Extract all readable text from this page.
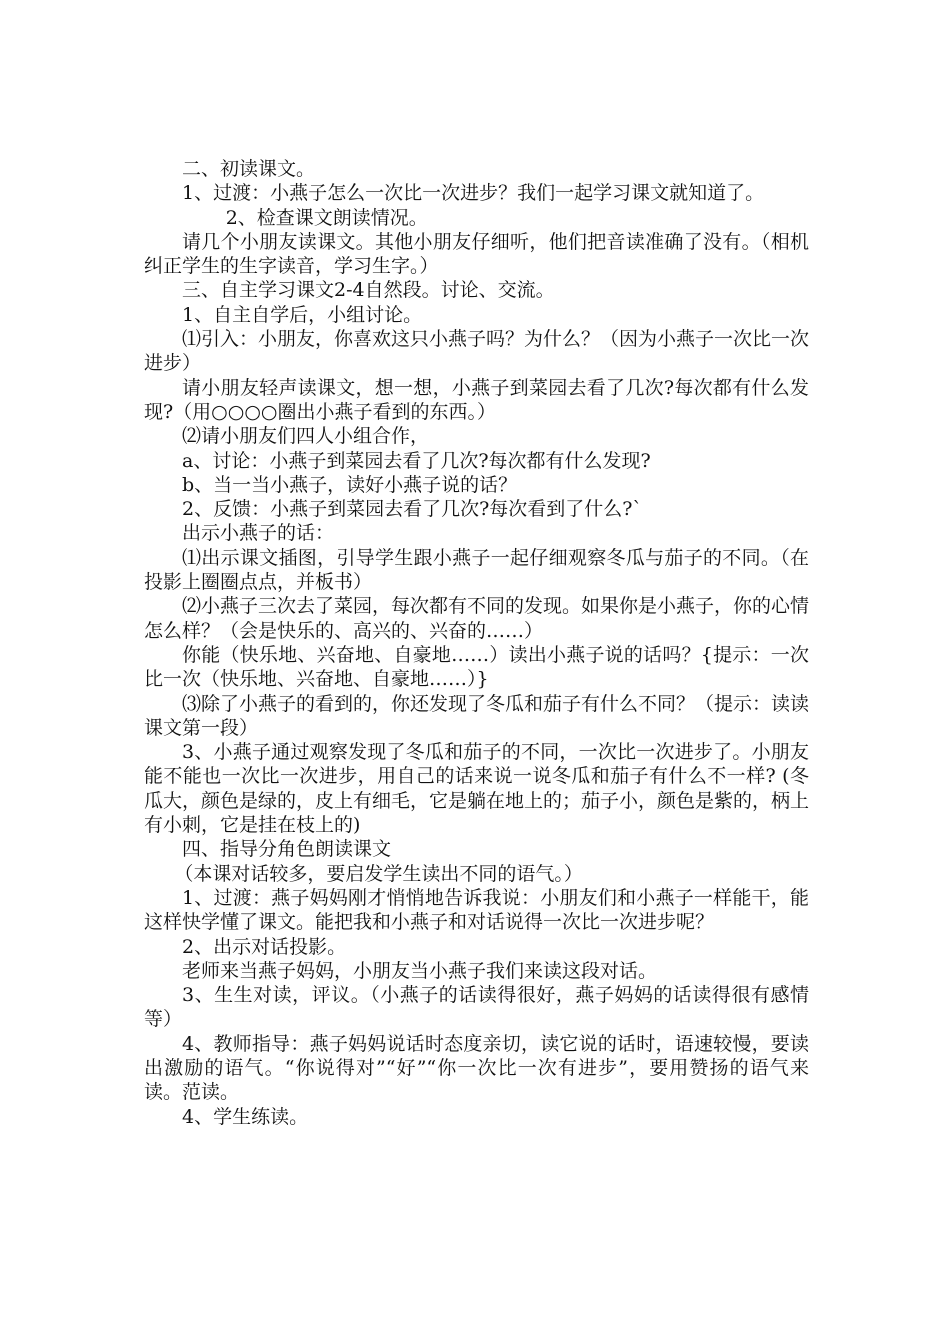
二、初读课文。

1、过渡：小燕子怎么一次比一次进步？我们一起学习课文就知道了。

2、检查课文朗读情况。

请几个小朋友读课文。其他小朋友仔细听，他们把音读准确了没有。（相机纠正学生的生字读音，学习生字。）

三、自主学习课文2-4自然段。讨论、交流。

1、自主自学后，小组讨论。

⑴引入：小朋友，你喜欢这只小燕子吗？为什么？（因为小燕子一次比一次进步）

请小朋友轻声读课文，想一想，小燕子到菜园去看了几次?每次都有什么发现?（用○○○○圈出小燕子看到的东西。）

⑵请小朋友们四人小组合作，

a、讨论：小燕子到菜园去看了几次?每次都有什么发现?

b、当一当小燕子，读好小燕子说的话？

2、反馈：小燕子到菜园去看了几次?每次看到了什么?`

出示小燕子的话：

⑴出示课文插图，引导学生跟小燕子一起仔细观察冬瓜与茄子的不同。（在投影上圈圈点点，并板书）

⑵小燕子三次去了菜园，每次都有不同的发现。如果你是小燕子，你的心情怎么样？（会是快乐的、高兴的、兴奋的……）

你能（快乐地、兴奋地、自豪地……）读出小燕子说的话吗？{提示：一次比一次（快乐地、兴奋地、自豪地……）}

⑶除了小燕子的看到的，你还发现了冬瓜和茄子有什么不同？（提示：读读课文第一段）

3、小燕子通过观察发现了冬瓜和茄子的不同，一次比一次进步了。小朋友能不能也一次比一次进步，用自己的话来说一说冬瓜和茄子有什么不一样? (冬瓜大，颜色是绿的，皮上有细毛，它是躺在地上的；茄子小，颜色是紫的，柄上有小刺，它是挂在枝上的)

四、指导分角色朗读课文

（本课对话较多，要启发学生读出不同的语气。）

1、过渡：燕子妈妈刚才悄悄地告诉我说：小朋友们和小燕子一样能干，能这样快学懂了课文。能把我和小燕子和对话说得一次比一次进步呢？

2、出示对话投影。

老师来当燕子妈妈，小朋友当小燕子我们来读这段对话。

3、生生对读，评议。（小燕子的话读得很好，燕子妈妈的话读得很有感情等）

4、教师指导：燕子妈妈说话时态度亲切，读它说的话时，语速较慢，要读出激励的语气。“你说得对”“好”“你一次比一次有进步”，要用赞扬的语气来读。范读。

4、学生练读。
